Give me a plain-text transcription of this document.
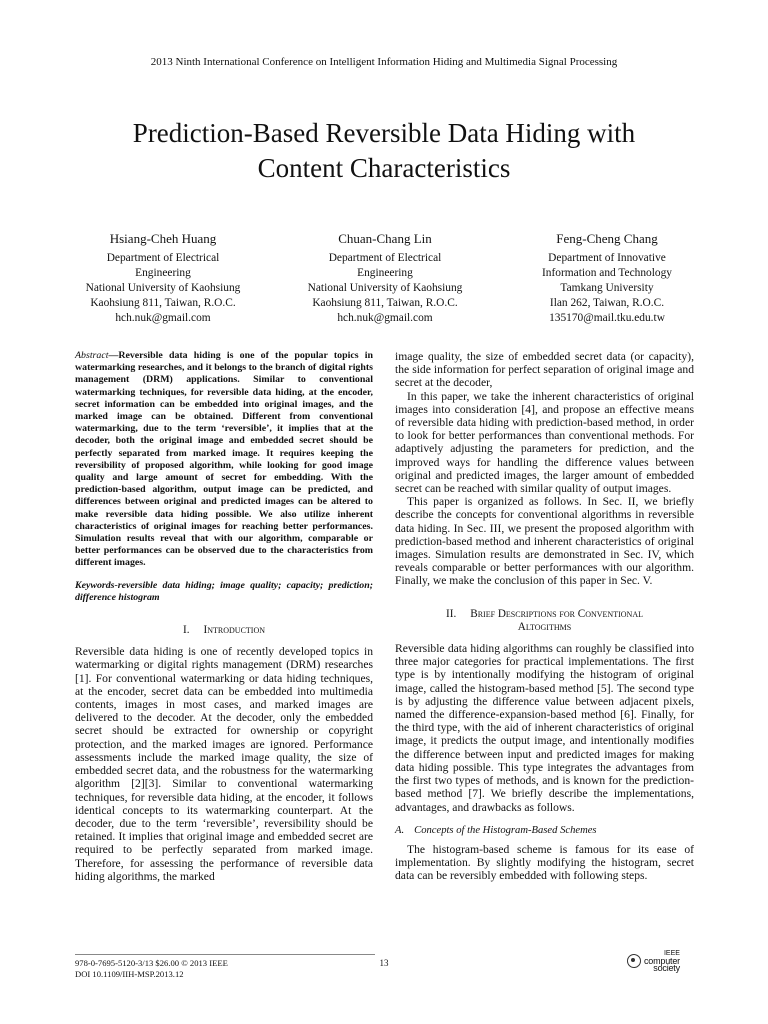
2013 Ninth International Conference on Intelligent Information Hiding and Multimedia Signal Processing
Prediction-Based Reversible Data Hiding with
Content Characteristics
Hsiang-Cheh Huang
Department of Electrical
Engineering
National University of Kaohsiung
Kaohsiung 811, Taiwan, R.O.C.
hch.nuk@gmail.com
Chuan-Chang Lin
Department of Electrical
Engineering
National University of Kaohsiung
Kaohsiung 811, Taiwan, R.O.C.
hch.nuk@gmail.com
Feng-Cheng Chang
Department of Innovative
Information and Technology
Tamkang University
Ilan 262, Taiwan, R.O.C.
135170@mail.tku.edu.tw

Abstract—Reversible data hiding is one of the popular topics in watermarking researches, and it belongs to the branch of digital rights management (DRM) applications. Similar to conventional watermarking techniques, for reversible data hiding, at the encoder, secret information can be embedded into original images, and the marked image can be obtained. Different from conventional watermarking, due to the term ‘reversible’, it implies that at the decoder, both the original image and embedded secret should be perfectly separated from marked image. It requires keeping the reversibility of proposed algorithm, while looking for good image quality and large amount of secret for embedding. With the prediction-based algorithm, output image can be predicted, and differences between original and predicted images can be altered to make reversible data hiding possible. We also utilize inherent characteristics of original images for reaching better performances. Simulation results reveal that with our algorithm, comparable or better performances can be observed due to the characteristics from different images.

Keywords-reversible data hiding; image quality; capacity; prediction; difference histogram

I. Introduction

Reversible data hiding is one of recently developed topics in watermarking or digital rights management (DRM) researches [1]. For conventional watermarking or data hiding techniques, at the encoder, secret data can be embedded into multimedia contents, images in most cases, and marked images are delivered to the decoder. At the decoder, only the embedded secret should be extracted for ownership or copyright protection, and the marked images are ignored. Performance assessments include the marked image quality, the size of embedded secret data, and the robustness for the watermarking algorithm [2][3]. Similar to conventional watermarking techniques, for reversible data hiding, at the encoder, it follows identical concepts to its watermarking counterpart. At the decoder, due to the term ‘reversible’, reversibility should be retained. It implies that original image and embedded secret are required to be perfectly separated from marked image. Therefore, for assessing the performance of reversible data hiding algorithms, the marked

image quality, the size of embedded secret data (or capacity), the side information for perfect separation of original image and secret at the decoder,

In this paper, we take the inherent characteristics of original images into consideration [4], and propose an effective means of reversible data hiding with prediction-based method, in order to look for better performances than conventional methods. For adaptively adjusting the parameters for prediction, and the improved ways for handling the difference values between original and predicted images, the larger amount of embedded secret can be reached with similar quality of output images.

This paper is organized as follows. In Sec. II, we briefly describe the concepts for conventional algorithms in reversible data hiding. In Sec. III, we present the proposed algorithm with prediction-based method and inherent characteristics of original images. Simulation results are demonstrated in Sec. IV, which reveals comparable or better performances with our algorithm. Finally, we make the conclusion of this paper in Sec. V.

II. Brief Descriptions for Conventional
Altogithms

Reversible data hiding algorithms can roughly be classified into three major categories for practical implementations. The first type is by intentionally modifying the histogram of original image, called the histogram-based method [5]. The second type is by adjusting the difference value between adjacent pixels, named the difference-expansion-based method [6]. Finally, for the third type, with the aid of inherent characteristics of original image, it predicts the output image, and intentionally modifies the difference between input and predicted images for making data hiding possible. This type integrates the advantages from the first two types of methods, and is known for the prediction-based method [7]. We briefly describe the implementations, advantages, and drawbacks as follows.

A. Concepts of the Histogram-Based Schemes

The histogram-based scheme is famous for its ease of implementation. By slightly modifying the histogram, secret data can be reversibly embedded with following steps.

978-0-7695-5120-3/13 $26.00 © 2013 IEEE
DOI 10.1109/IIH-MSP.2013.12
13
IEEE
computer
society
